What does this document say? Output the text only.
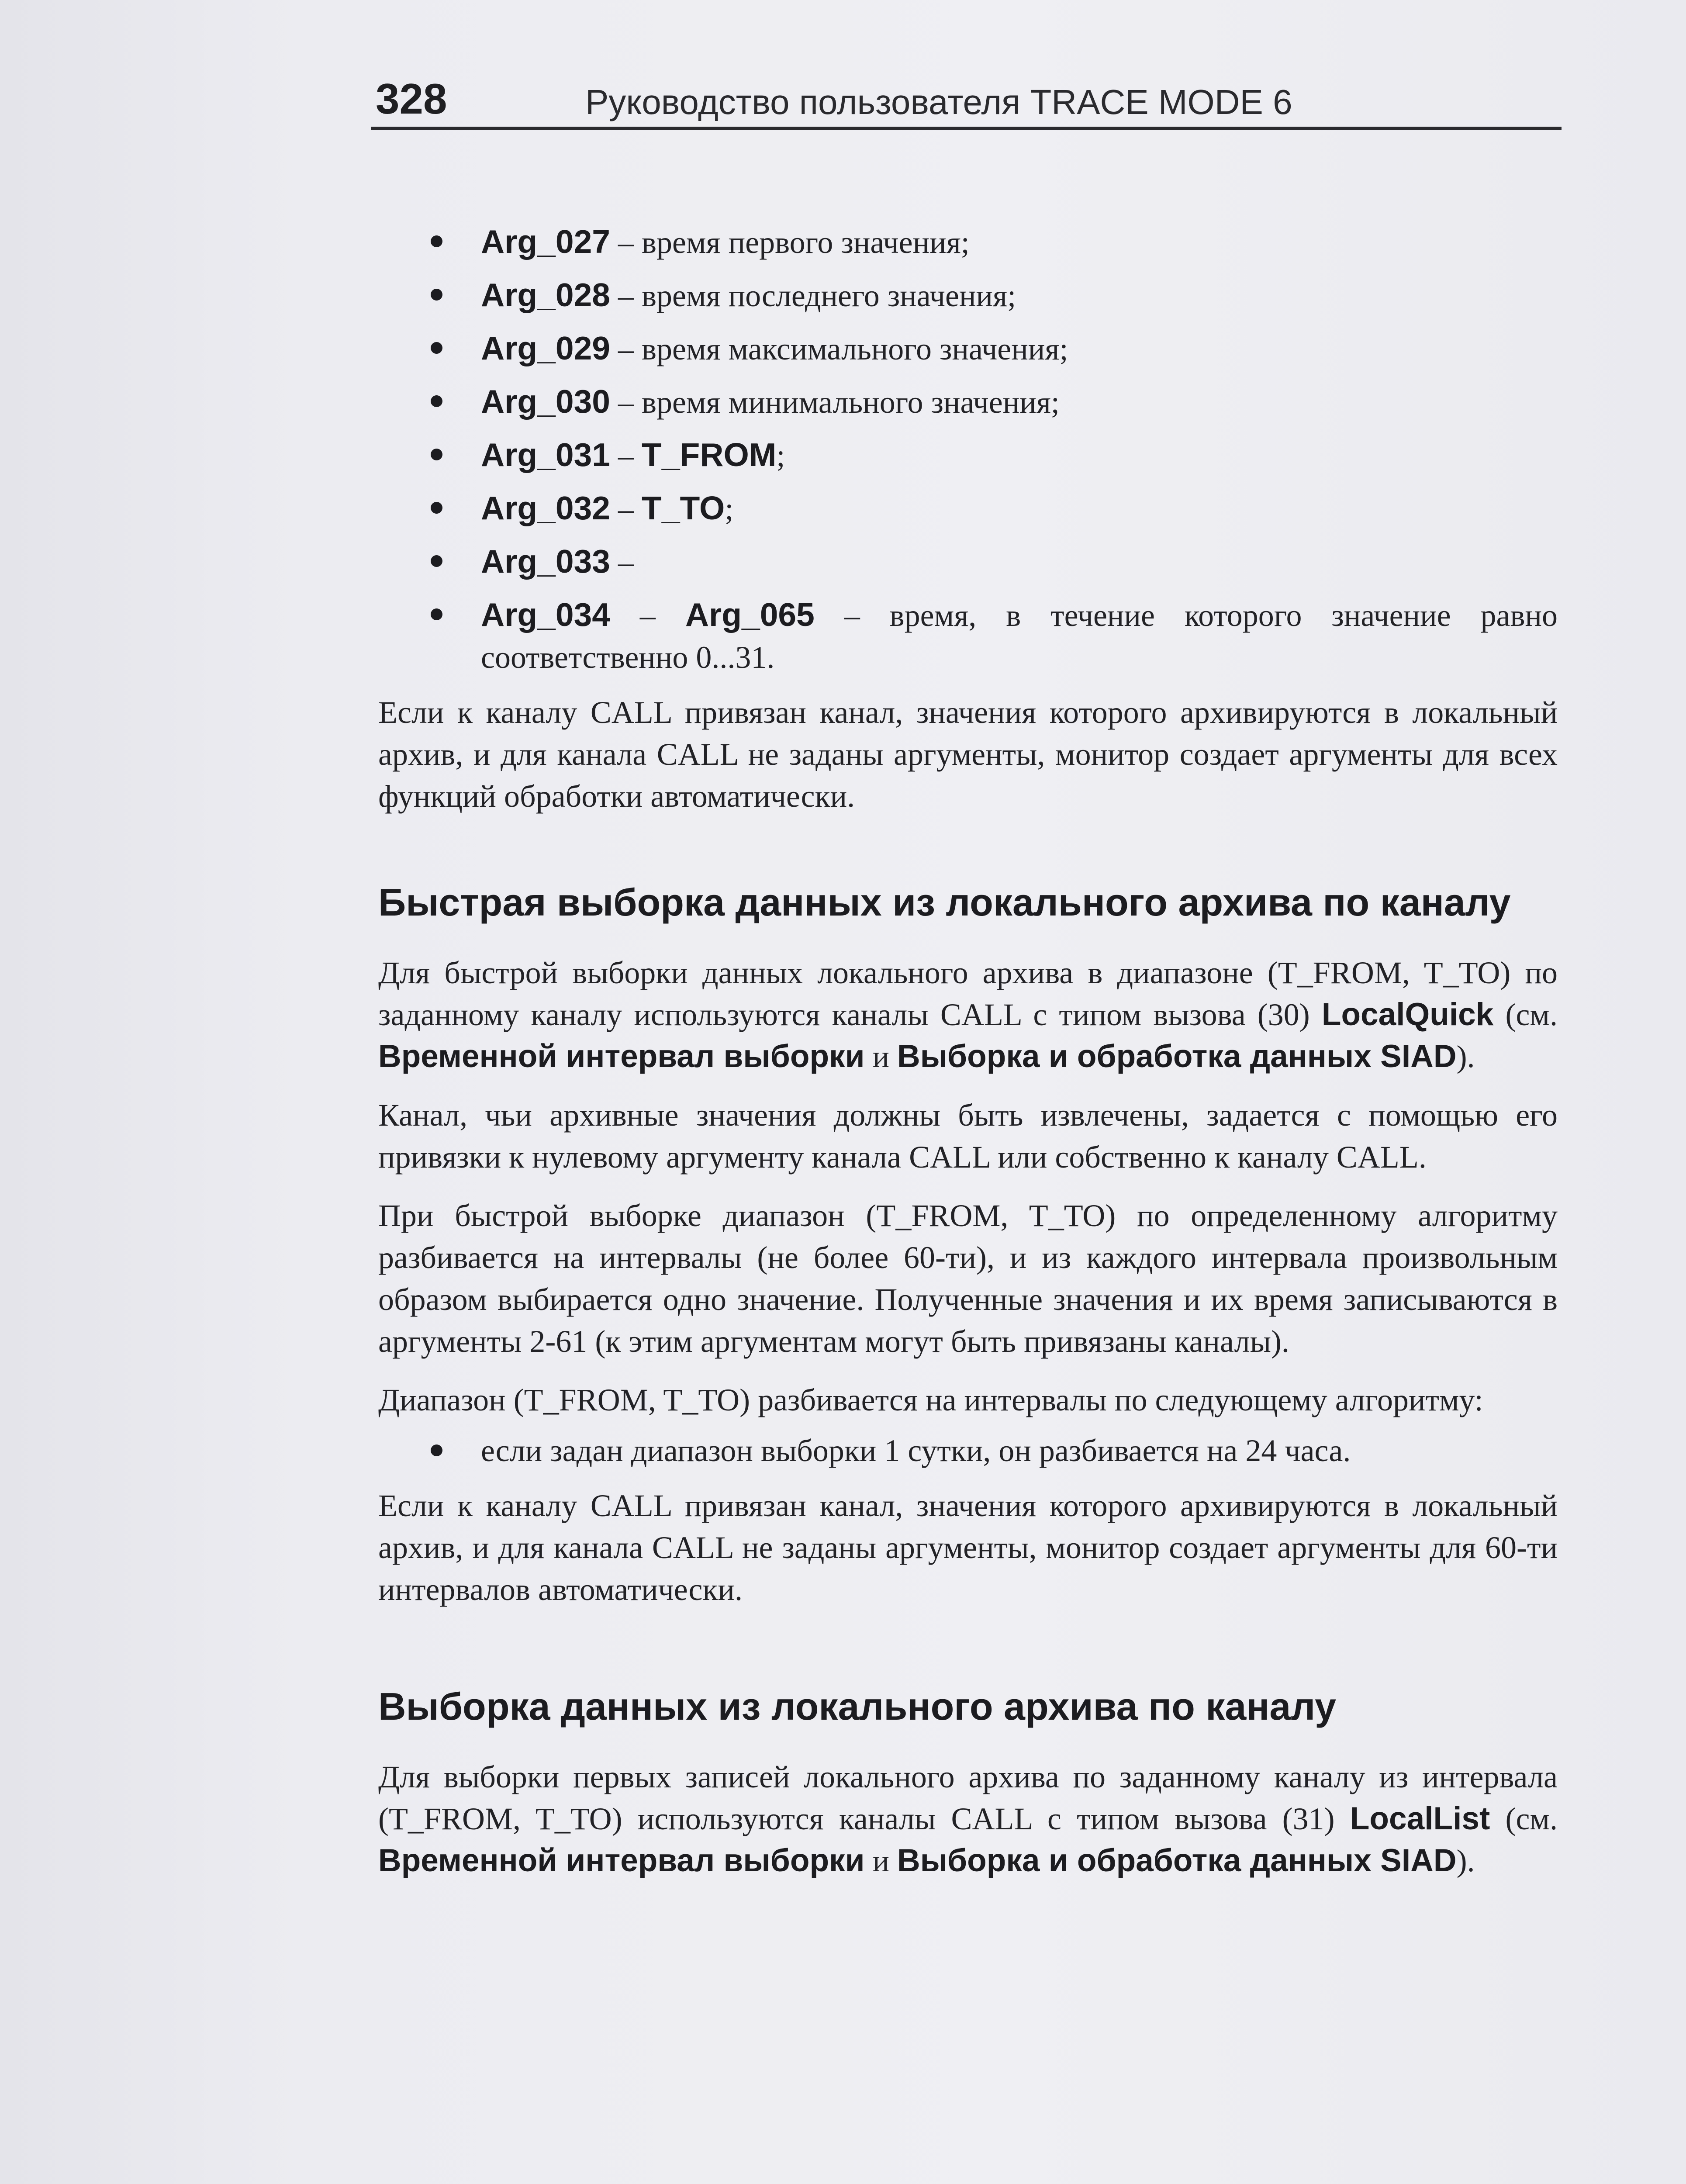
328	Руководство пользователя TRACE MODE 6
Arg_027 – время первого значения;
Arg_028 – время последнего значения;
Arg_029 – время максимального значения;
Arg_030 – время минимального значения;
Arg_031 – T_FROM;
Arg_032 – T_TO;
Arg_033 –
Arg_034 – Arg_065 – время, в течение которого значение равно соответственно 0...31.

Если к каналу CALL привязан канал, значения которого архивируются в локальный архив, и для канала CALL не заданы аргументы, монитор создает аргументы для всех функций обработки автоматически.

Быстрая выборка данных из локального архива по каналу

Для быстрой выборки данных локального архива в диапазоне (T_FROM, T_TO) по заданному каналу используются каналы CALL с типом вызова (30) LocalQuick (см. Временной интервал выборки и Выборка и обработка данных SIAD).

Канал, чьи архивные значения должны быть извлечены, задается с помощью его привязки к нулевому аргументу канала CALL или собственно к каналу CALL.

При быстрой выборке диапазон (T_FROM, T_TO) по определенному алгоритму разбивается на интервалы (не более 60-ти), и из каждого интервала произвольным образом выбирается одно значение. Полученные значения и их время записываются в аргументы 2-61 (к этим аргументам могут быть привязаны каналы).

Диапазон (T_FROM, T_TO) разбивается на интервалы по следующему алгоритму:

если задан диапазон выборки 1 сутки, он разбивается на 24 часа.

Если к каналу CALL привязан канал, значения которого архивируются в локальный архив, и для канала CALL не заданы аргументы, монитор создает аргументы для 60-ти интервалов автоматически.

Выборка данных из локального архива по каналу

Для выборки первых записей локального архива по заданному каналу из интервала (T_FROM, T_TO) используются каналы CALL с типом вызова (31) LocalList (см. Временной интервал выборки и Выборка и обработка данных SIAD).
